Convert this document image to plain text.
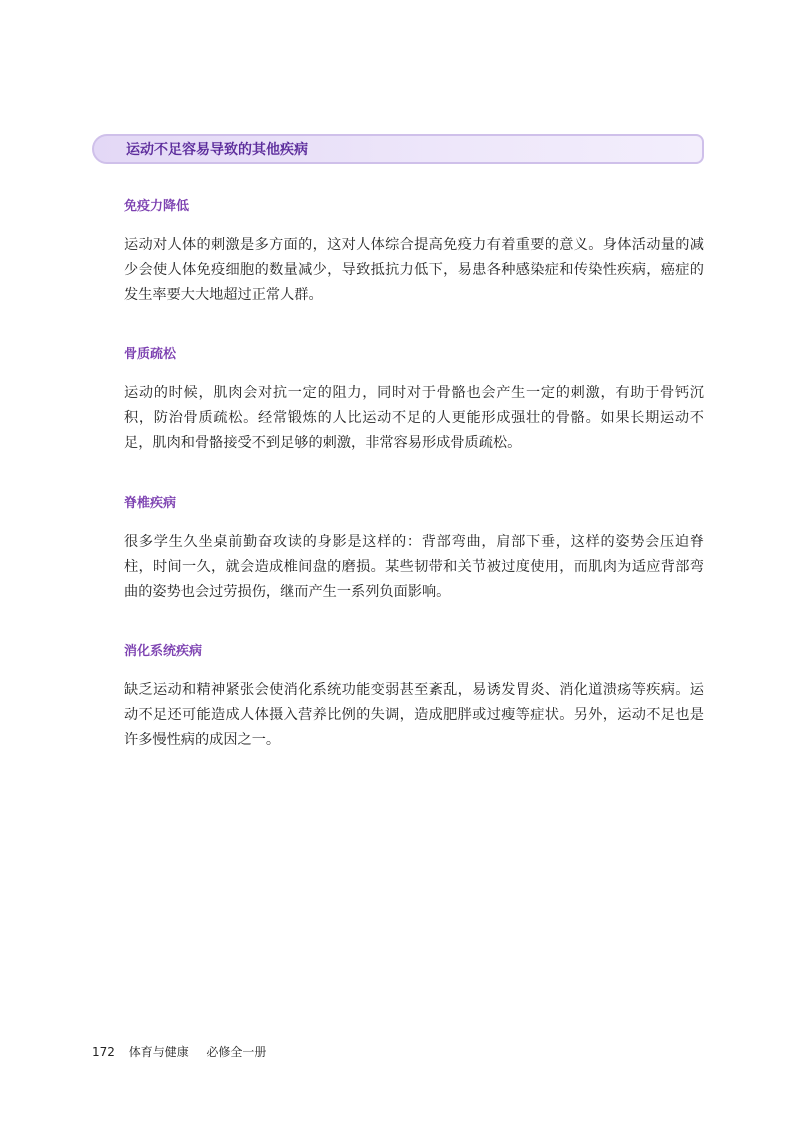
运动不足容易导致的其他疾病
免疫力降低

运动对人体的刺激是多方面的，这对人体综合提高免疫力有着重要的意义。身体活动量的减少会使人体免疫细胞的数量减少，导致抵抗力低下，易患各种感染症和传染性疾病，癌症的发生率要大大地超过正常人群。

骨质疏松

运动的时候，肌肉会对抗一定的阻力，同时对于骨骼也会产生一定的刺激，有助于骨钙沉积，防治骨质疏松。经常锻炼的人比运动不足的人更能形成强壮的骨骼。如果长期运动不足，肌肉和骨骼接受不到足够的刺激，非常容易形成骨质疏松。

脊椎疾病

很多学生久坐桌前勤奋攻读的身影是这样的：背部弯曲，肩部下垂，这样的姿势会压迫脊柱，时间一久，就会造成椎间盘的磨损。某些韧带和关节被过度使用，而肌肉为适应背部弯曲的姿势也会过劳损伤，继而产生一系列负面影响。

消化系统疾病

缺乏运动和精神紧张会使消化系统功能变弱甚至紊乱，易诱发胃炎、消化道溃疡等疾病。运动不足还可能造成人体摄入营养比例的失调，造成肥胖或过瘦等症状。另外，运动不足也是许多慢性病的成因之一。

172 体育与健康 必修全一册
